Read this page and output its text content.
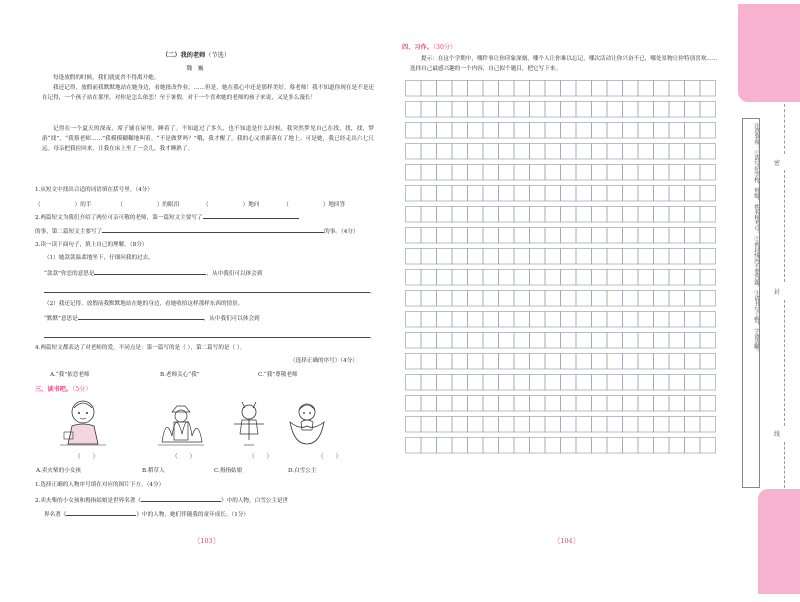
（二）我的老师（节选）
魏 巍
每逢放假的时候，我们就更舍不得离开她。
我还记得，放假前我默默地站在她身边，看她批改作业。……但是，她在我心中还是那样美好。蔡老师！我不知道你现在是不是还在记得，一个孩子站在那里，对你是怎么依恋！至于暑假，对于一个喜欢她的老师的孩子来说，又是多么漫长！
记得在一个夏天的深夜，席子铺在屋里，睡着了。不知道过了多久，也不知道是什么时候，我突然梦见自己在找，找，找，梦游“找”，“我蔡老师……”我模模糊糊地叫着。“不是做梦吗？”哦，我才醒了。我的心又重新落在了地上。可是她，我已经走出六七尺远。母亲把我拉回来，让我在床上坐了一会儿，我才睡熟了。
1.从短文中找出合适的词语填在括号里。（4分）
（	）的手	（	）的眼泪	（	）地问	（	）地回答
2.两篇短文为我们介绍了两位可亲可敬的老师，第一篇短文主要写了
的事，第二篇短文主要写了	的事。（4分）
3.读一读下面句子，填上自己的理解。（8分）
（1）她款款温柔地坐下，仔细问我的过去。
“款款”你恋的意思是	，从中我们可以体会到
。
（2）我还记得，放假前我默默地站在她的身边，看她收拾这样那样东西的情景。
“默默”意思是	，从中我们可以体会到
。
4.两篇短文都表达了对老师的爱，不同点是：第一篇写的是（ ），第二篇写的是（ ）。
（选择正确的序号）（4分）
A.“我”依恋老师	B.老师关心“我”	C.“我”尊敬老师
三、读书吧。（5分）
（ ）	（ ）	（ ）	（ ）
A.卖火柴的小女孩	B.稻草人	C.拇指姑娘	D.白雪公主
1.选择正确的人物序号填在对应的图片下方。（4分）
2.卖火柴的小女孩和拇指姑娘是世界名著《	》中的人物，白雪公主是世
界名著《	》中的人物，她们伴随我的童年成长。（1分）
〖103〗
四、习作。（30分）
提示：在这个学期中，哪件事让你印象深刻，哪个人让你难以忘记，哪次活动让你兴奋不已，哪处景物让你特别喜欢……选择自己最感兴趣的一个内容，自己拟个题目，把它写下来。
〖104〗
注意事项：①请写好学校、班级、姓名和考号。②密封线内不要答题。③请书写工整，字迹清晰。	密
封
线
